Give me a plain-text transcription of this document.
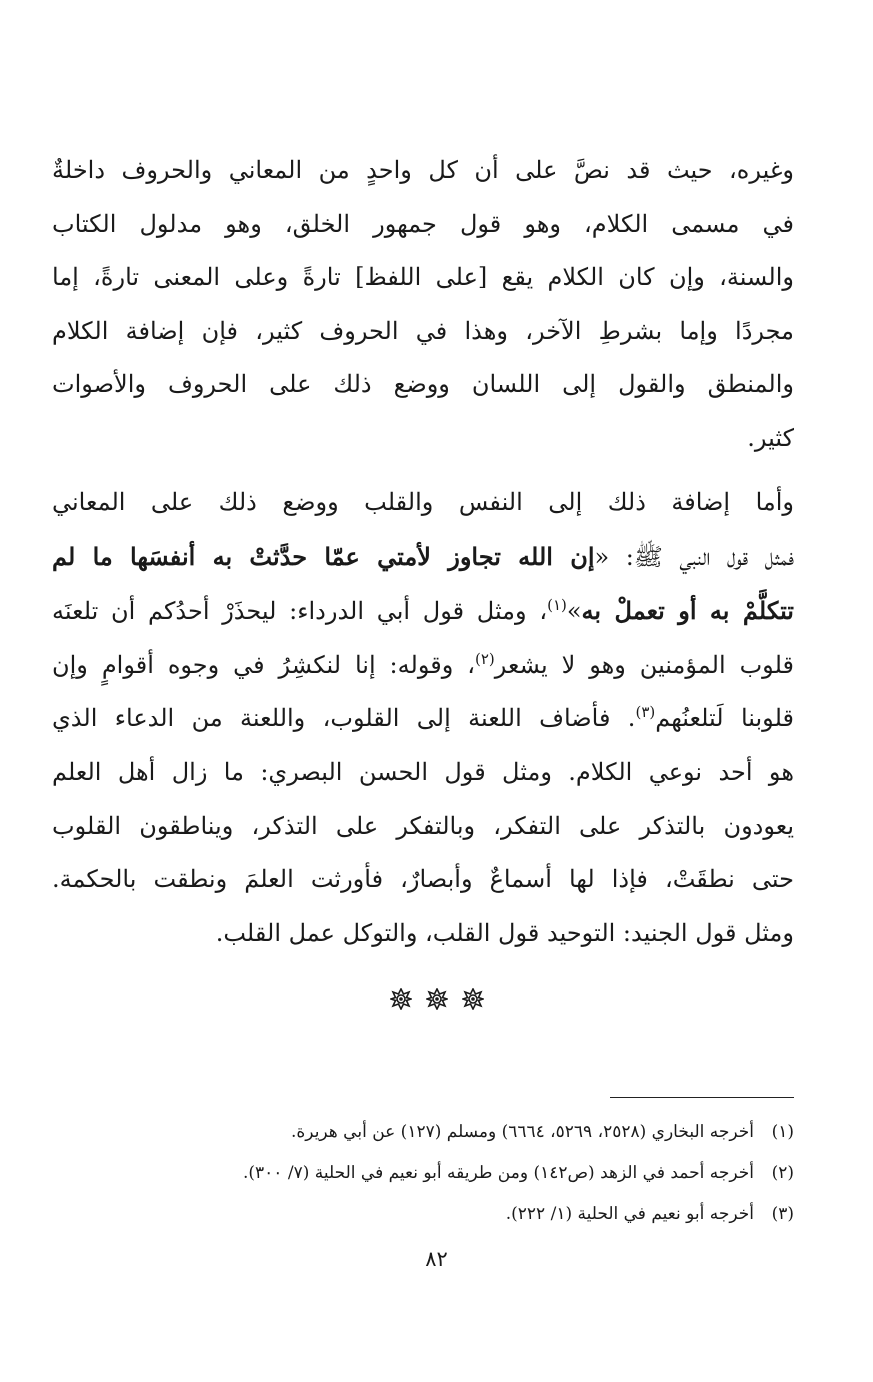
وغيره، حيث قد نصَّ على أن كل واحدٍ من المعاني والحروف داخلةٌ
في مسمى الكلام، وهو قول جمهور الخلق، وهو مدلول الكتاب
والسنة، وإن كان الكلام يقع [على اللفظ] تارةً وعلى المعنى تارةً، إما
مجردًا وإما بشرطِ الآخر، وهذا في الحروف كثير، فإن إضافة الكلام
والمنطق والقول إلى اللسان ووضع ذلك على الحروف والأصوات
كثير.
وأما إضافة ذلك إلى النفس والقلب ووضع ذلك على المعاني
فمثل قول النبي ﷺ: «إن الله تجاوز لأمتي عمّا حدَّثتْ به أنفسَها ما لم
تتكلَّمْ به أو تعملْ به»$^{(١)}$، ومثل قول أبي الدرداء: ليحذَرْ أحدُكم أن تلعنَه
قلوب المؤمنين وهو لا يشعر$^{(٢)}$، وقوله: إنا لنكشِرُ في وجوه أقوامٍ وإن
قلوبنا لَتلعنُهم$^{(٣)}$. فأضاف اللعنة إلى القلوب، واللعنة من الدعاء الذي
هو أحد نوعي الكلام. ومثل قول الحسن البصري: ما زال أهل العلم
يعودون بالتذكر على التفكر، وبالتفكر على التذكر، ويناطقون القلوب
حتى نطقَتْ، فإذا لها أسماعٌ وأبصارٌ، فأورثت العلمَ ونطقت بالحكمة.
ومثل قول الجنيد: التوحيد قول القلب، والتوكل عمل القلب.
(١)أخرجه البخاري (٢٥٢٨، ٥٢٦٩، ٦٦٦٤) ومسلم (١٢٧) عن أبي هريرة.
(٢)أخرجه أحمد في الزهد (ص١٤٢) ومن طريقه أبو نعيم في الحلية (٧/ ٣٠٠).
(٣)أخرجه أبو نعيم في الحلية (١/ ٢٢٢).
٨٢
